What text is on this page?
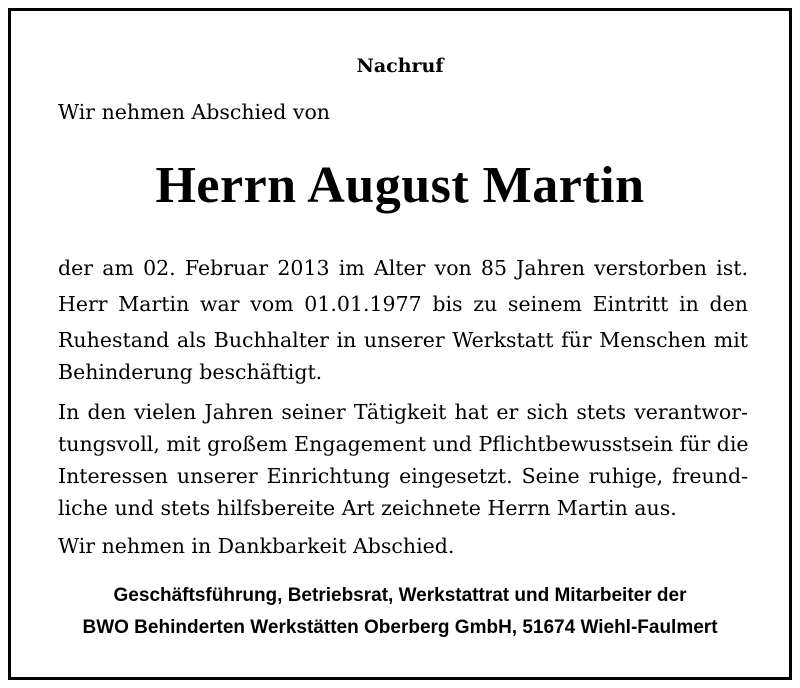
Nachruf
Wir nehmen Abschied von
Herrn August Martin
der am 02. Februar 2013 im Alter von 85 Jahren verstorben ist.
Herr Martin war vom 01.01.1977 bis zu seinem Eintritt in den
Ruhestand als Buchhalter in unserer Werkstatt für Menschen mit
Behinderung beschäftigt.
In den vielen Jahren seiner Tätigkeit hat er sich stets verantwor-
tungsvoll, mit großem Engagement und Pflichtbewusstsein für die
Interessen unserer Einrichtung eingesetzt. Seine ruhige, freund-
liche und stets hilfsbereite Art zeichnete Herrn Martin aus.
Wir nehmen in Dankbarkeit Abschied.
Geschäftsführung, Betriebsrat, Werkstattrat und Mitarbeiter der
BWO Behinderten Werkstätten Oberberg GmbH, 51674 Wiehl-Faulmert
